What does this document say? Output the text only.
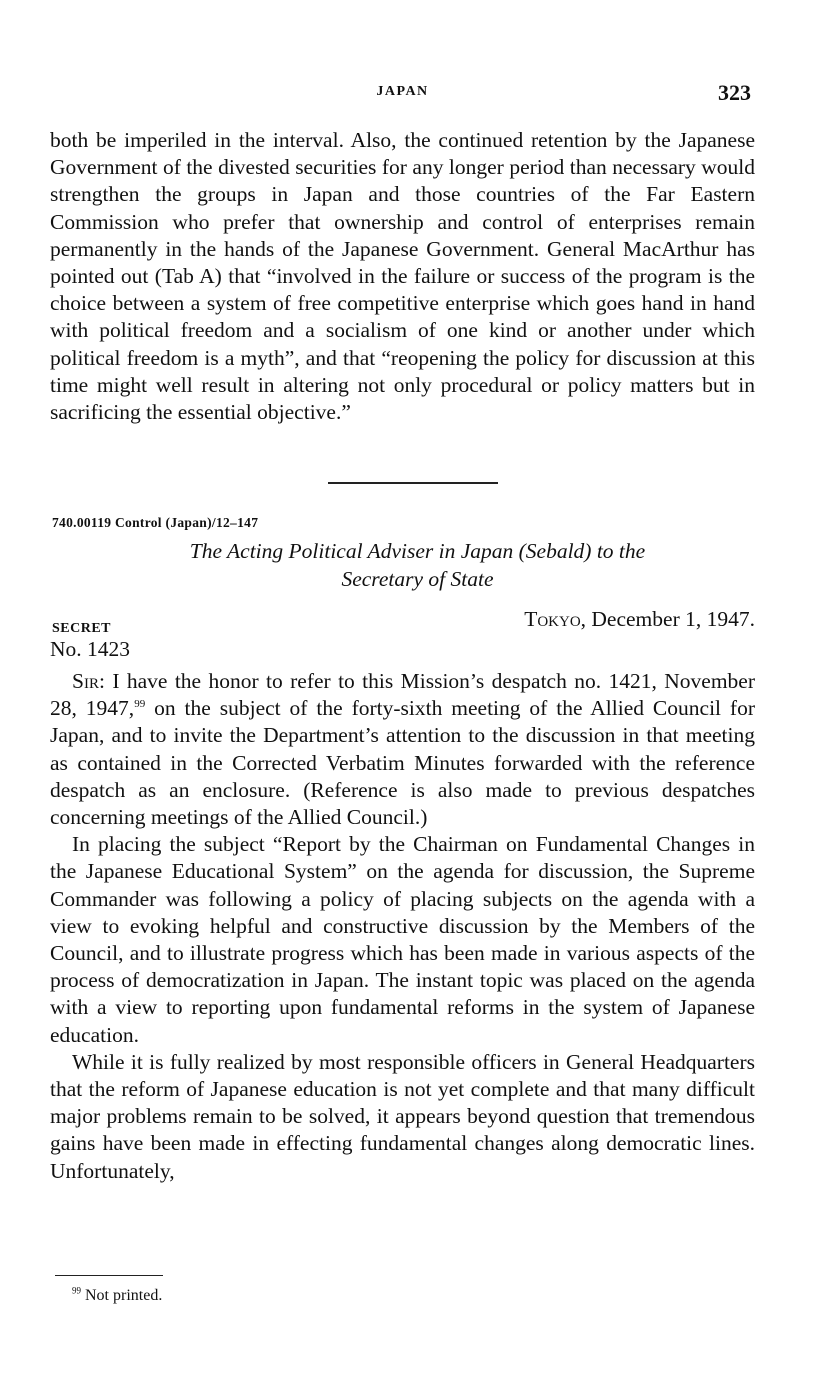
JAPAN	323

both be imperiled in the interval. Also, the continued retention by the Japanese Government of the divested securities for any longer period than necessary would strengthen the groups in Japan and those countries of the Far Eastern Commission who prefer that ownership and control of enterprises remain permanently in the hands of the Japanese Government. General MacArthur has pointed out (Tab A) that “involved in the failure or success of the program is the choice between a system of free competitive enterprise which goes hand in hand with political freedom and a socialism of one kind or another under which political freedom is a myth”, and that “reopening the policy for discussion at this time might well result in altering not only procedural or policy matters but in sacrificing the essential objective.”

740.00119 Control (Japan)/12–147
The Acting Political Adviser in Japan (Sebald) to the
Secretary of State
SECRET	Tokyo, December 1, 1947.
No. 1423

Sir: I have the honor to refer to this Mission’s despatch no. 1421, November 28, 1947,99 on the subject of the forty-sixth meeting of the Allied Council for Japan, and to invite the Department’s attention to the discussion in that meeting as contained in the Corrected Verbatim Minutes forwarded with the reference despatch as an enclosure. (Reference is also made to previous despatches concerning meetings of the Allied Council.)

In placing the subject “Report by the Chairman on Fundamental Changes in the Japanese Educational System” on the agenda for discussion, the Supreme Commander was following a policy of placing subjects on the agenda with a view to evoking helpful and constructive discussion by the Members of the Council, and to illustrate progress which has been made in various aspects of the process of democratization in Japan. The instant topic was placed on the agenda with a view to reporting upon fundamental reforms in the system of Japanese education.

While it is fully realized by most responsible officers in General Headquarters that the reform of Japanese education is not yet complete and that many difficult major problems remain to be solved, it appears beyond question that tremendous gains have been made in effecting fundamental changes along democratic lines. Unfortunately,

$^{99}$ Not printed.
